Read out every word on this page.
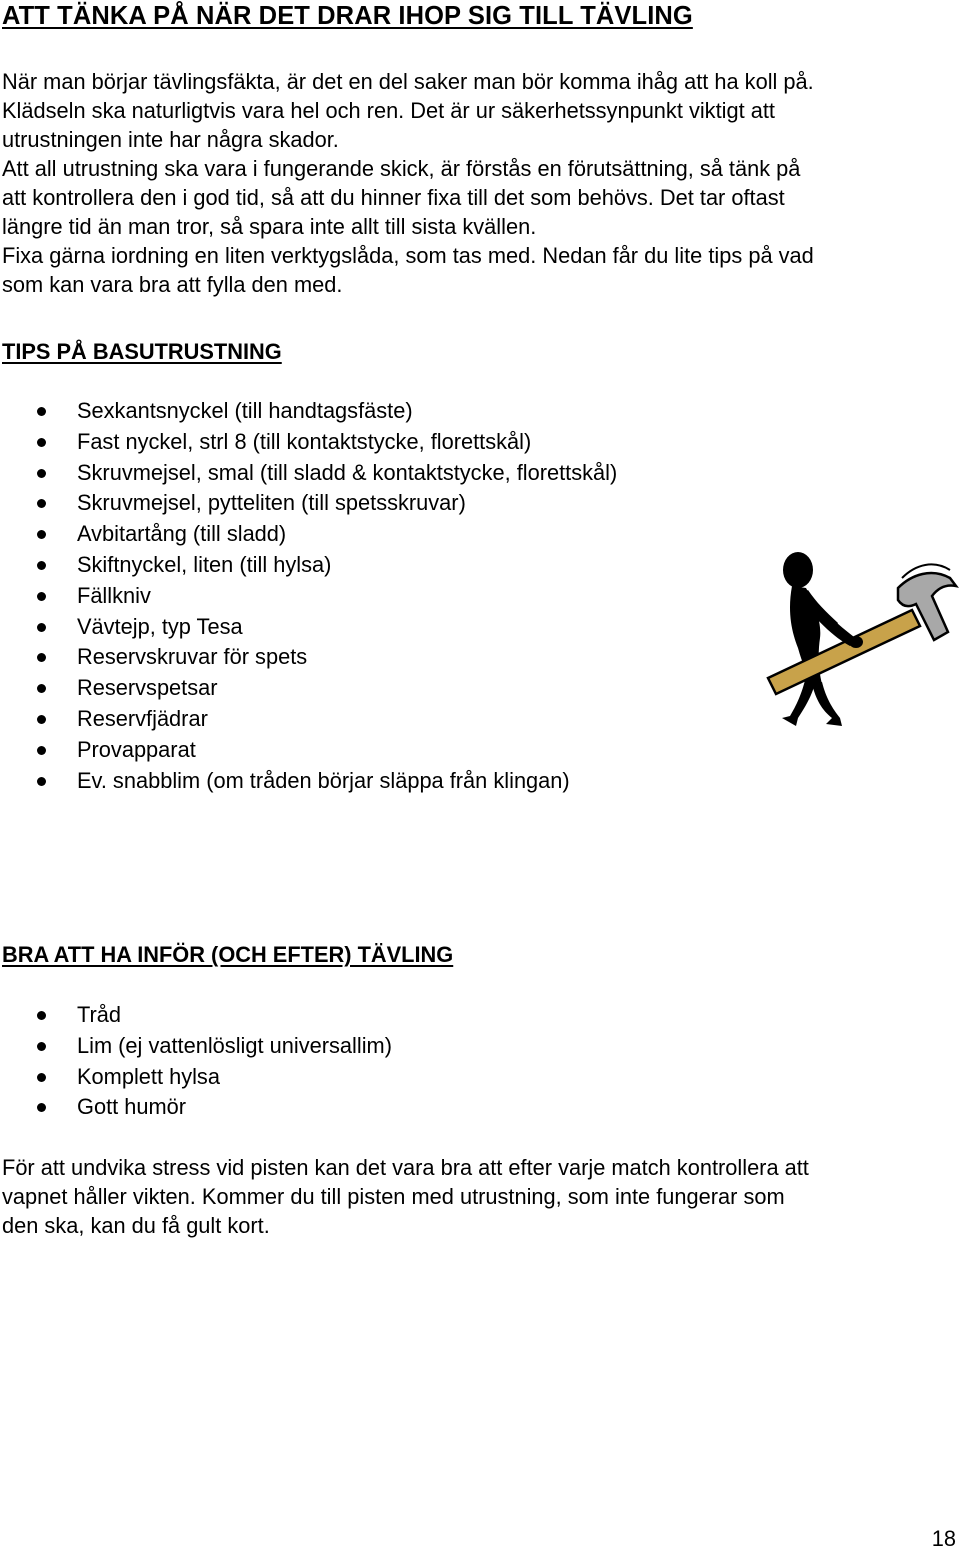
ATT TÄNKA PÅ NÄR DET DRAR IHOP SIG TILL TÄVLING

När man börjar tävlingsfäkta, är det en del saker man bör komma ihåg att ha koll på.
Klädseln ska naturligtvis vara hel och ren. Det är ur säkerhetssynpunkt viktigt att
utrustningen inte har några skador.
Att all utrustning ska vara i fungerande skick, är förstås en förutsättning, så tänk på
att kontrollera den i god tid, så att du hinner fixa till det som behövs. Det tar oftast
längre tid än man tror, så spara inte allt till sista kvällen.
Fixa gärna iordning en liten verktygslåda, som tas med. Nedan får du lite tips på vad
som kan vara bra att fylla den med.

TIPS PÅ BASUTRUSTNING
Sexkantsnyckel (till handtagsfäste)
Fast nyckel, strl 8 (till kontaktstycke, florettskål)
Skruvmejsel, smal (till sladd & kontaktstycke, florettskål)
Skruvmejsel, pytteliten (till spetsskruvar)
Avbitartång (till sladd)
Skiftnyckel, liten (till hylsa)
Fällkniv
Vävtejp, typ Tesa
Reservskruvar för spets
Reservspetsar
Reservfjädrar
Provapparat
Ev. snabblim (om tråden börjar släppa från klingan)
BRA ATT HA INFÖR (OCH EFTER) TÄVLING
Tråd
Lim (ej vattenlösligt universallim)
Komplett hylsa
Gott humör

För att undvika stress vid pisten kan det vara bra att efter varje match kontrollera att
vapnet håller vikten. Kommer du till pisten med utrustning, som inte fungerar som
den ska, kan du få gult kort.

18
